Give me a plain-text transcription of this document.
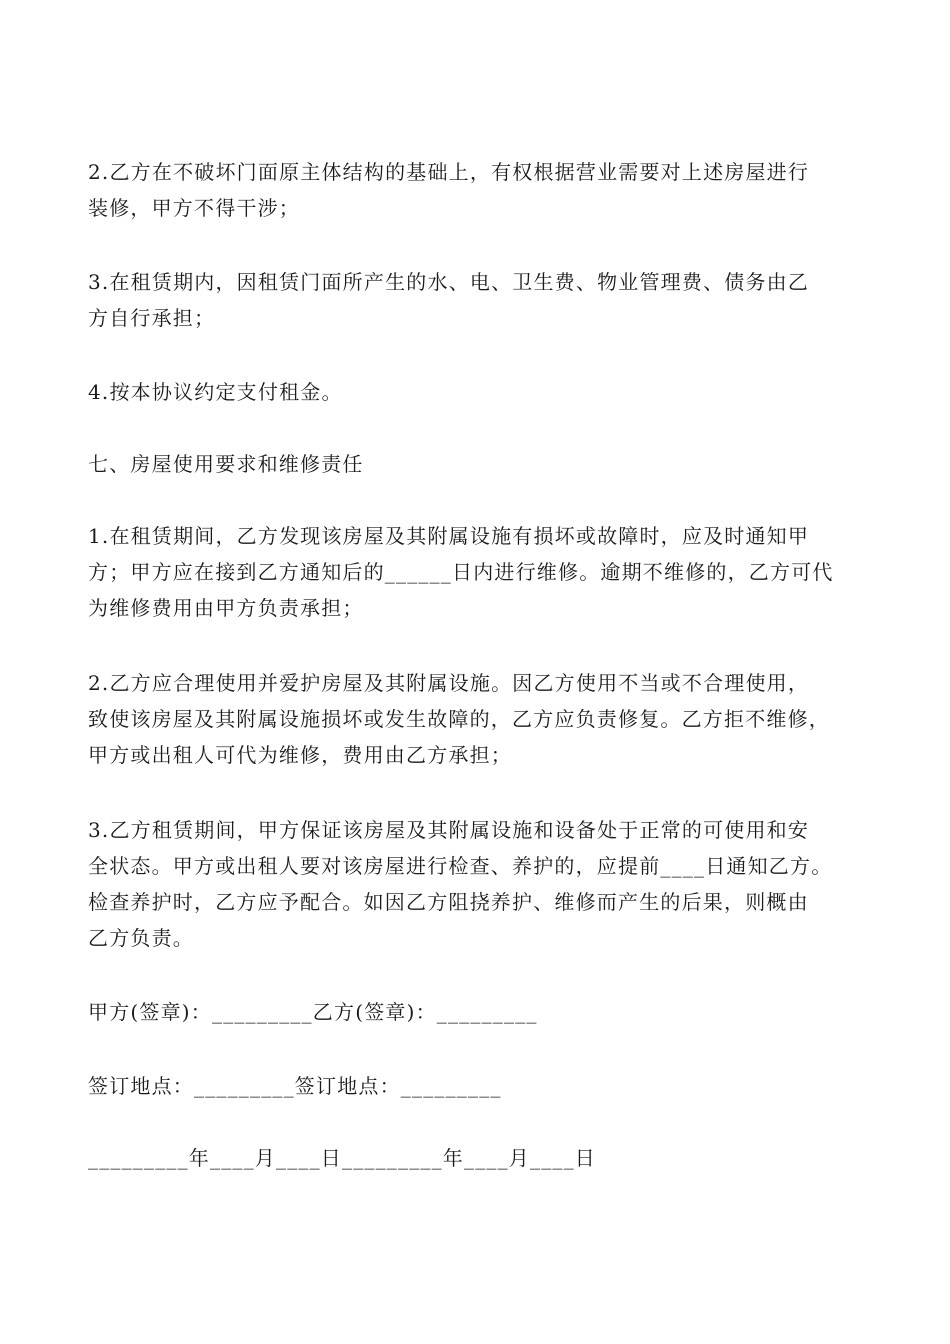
2.乙方在不破坏门面原主体结构的基础上，有权根据营业需要对上述房屋进行
装修，甲方不得干涉；
3.在租赁期内，因租赁门面所产生的水、电、卫生费、物业管理费、债务由乙
方自行承担；
4.按本协议约定支付租金。
七、房屋使用要求和维修责任
1.在租赁期间，乙方发现该房屋及其附属设施有损坏或故障时，应及时通知甲
方；甲方应在接到乙方通知后的______日内进行维修。逾期不维修的，乙方可代
为维修费用由甲方负责承担；
2.乙方应合理使用并爱护房屋及其附属设施。因乙方使用不当或不合理使用，
致使该房屋及其附属设施损坏或发生故障的，乙方应负责修复。乙方拒不维修，
甲方或出租人可代为维修，费用由乙方承担；
3.乙方租赁期间，甲方保证该房屋及其附属设施和设备处于正常的可使用和安
全状态。甲方或出租人要对该房屋进行检查、养护的，应提前____日通知乙方。
检查养护时，乙方应予配合。如因乙方阻挠养护、维修而产生的后果，则概由
乙方负责。
甲方(签章)：_________乙方(签章)：_________
签订地点：_________签订地点：_________
_________年____月____日_________年____月____日
